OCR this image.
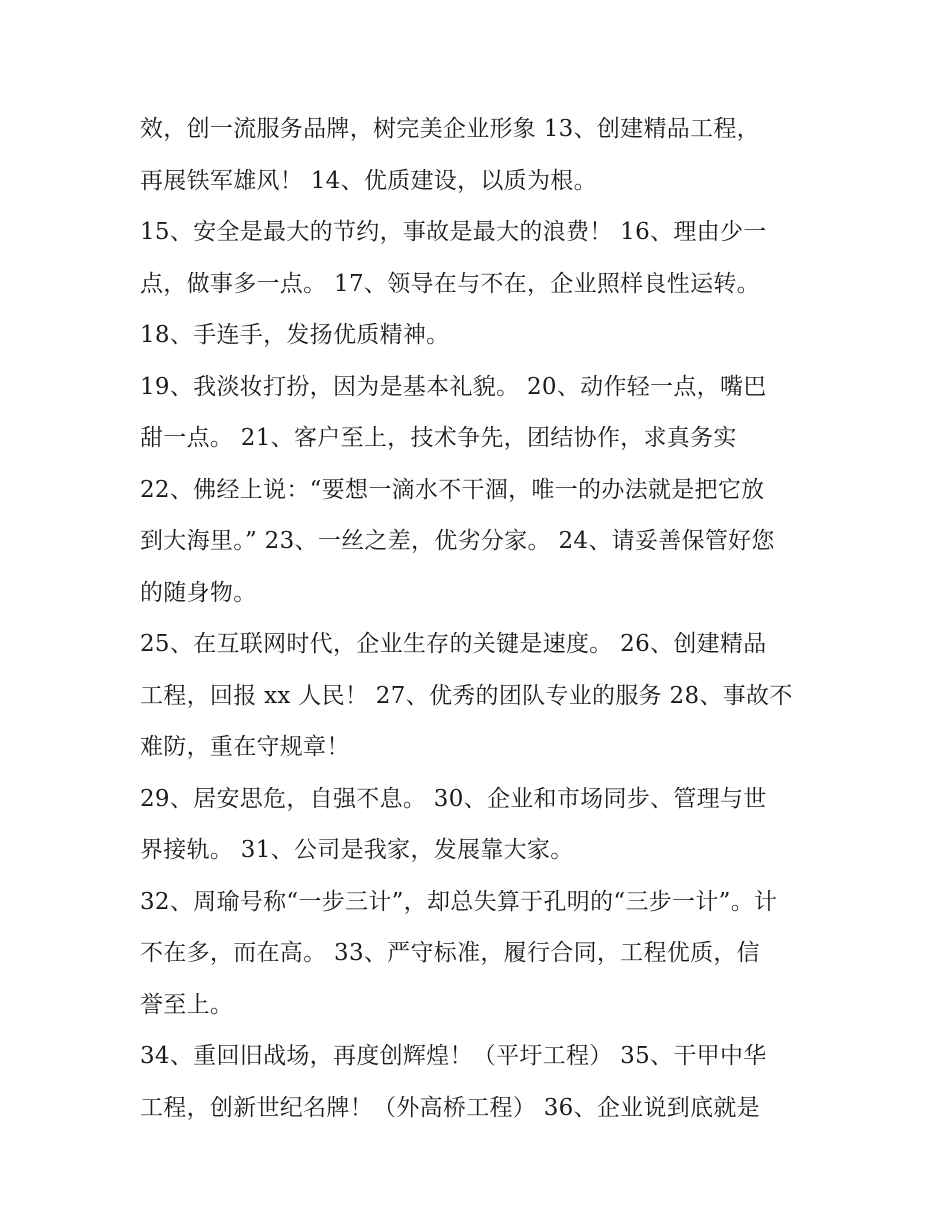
效，创一流服务品牌，树完美企业形象 13、创建精品工程，
再展铁军雄风！ 14、优质建设，以质为根。
15、安全是最大的节约，事故是最大的浪费！ 16、理由少一
点，做事多一点。 17、领导在与不在，企业照样良性运转。
18、手连手，发扬优质精神。
19、我淡妆打扮，因为是基本礼貌。 20、动作轻一点，嘴巴
甜一点。 21、客户至上，技术争先，团结协作，求真务实
22、佛经上说：“要想一滴水不干涸，唯一的办法就是把它放
到大海里。” 23、一丝之差，优劣分家。 24、请妥善保管好您
的随身物。
25、在互联网时代，企业生存的关键是速度。 26、创建精品
工程，回报 xx 人民！ 27、优秀的团队专业的服务 28、事故不
难防，重在守规章！
29、居安思危，自强不息。 30、企业和市场同步、管理与世
界接轨。 31、公司是我家，发展靠大家。
32、周瑜号称“一步三计”，却总失算于孔明的“三步一计”。计
不在多，而在高。 33、严守标准，履行合同，工程优质，信
誉至上。
34、重回旧战场，再度创辉煌！（平圩工程） 35、干甲中华
工程，创新世纪名牌！（外高桥工程） 36、企业说到底就是
